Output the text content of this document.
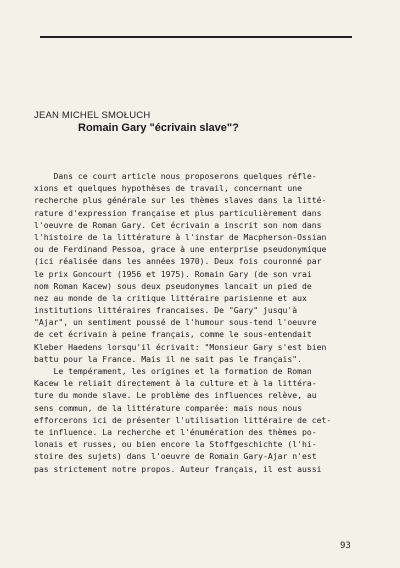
JEAN MICHEL SMOŁUCH
Romain Gary "écrivain slave"?
Dans ce court article nous proposerons quelques réfle-
xions et quelques hypothèses de travail, concernant une
recherche plus générale sur les thèmes slaves dans la litté-
rature d'expression française et plus particulièrement dans
l'oeuvre de Roman Gary. Cet écrivain a inscrit son nom dans
l'histoire de la littérature à l'instar de Macpherson-Ossian
ou de Ferdinand Pessoa, grace à une enterprise pseudonymique
(ici réalisée dans les années 1970). Deux fois couronné par
le prix Goncourt (1956 et 1975). Romain Gary (de son vrai
nom Roman Kacew) sous deux pseudonymes lancait un pied de
nez au monde de la critique littéraire parisienne et aux
institutions littéraires francaises. De "Gary" jusqu'à
"Ajar", un sentiment poussé de l'humour sous-tend l'oeuvre
de cet écrivain à peine français, comme le sous-entendait
Kleber Haedens lorsqu'il écrivait: "Monsieur Gary s'est bien
battu pour la France. Mais il ne sait pas le français".
Le tempérament, les origines et la formation de Roman
Kacew le reliait directement à la culture et à la littéra-
ture du monde slave. Le problème des influences relève, au
sens commun, de la littérature comparée: mais nous nous
efforcerons ici de présenter l'utilisation littéraire de cet-
te influence. La recherche et l'énumération des thèmes po-
lonais et russes, ou bien encore la Stoffgeschichte (l'hi-
stoire des sujets) dans l'oeuvre de Romain Gary-Ajar n'est
pas strictement notre propos. Auteur français, il est aussi
93
